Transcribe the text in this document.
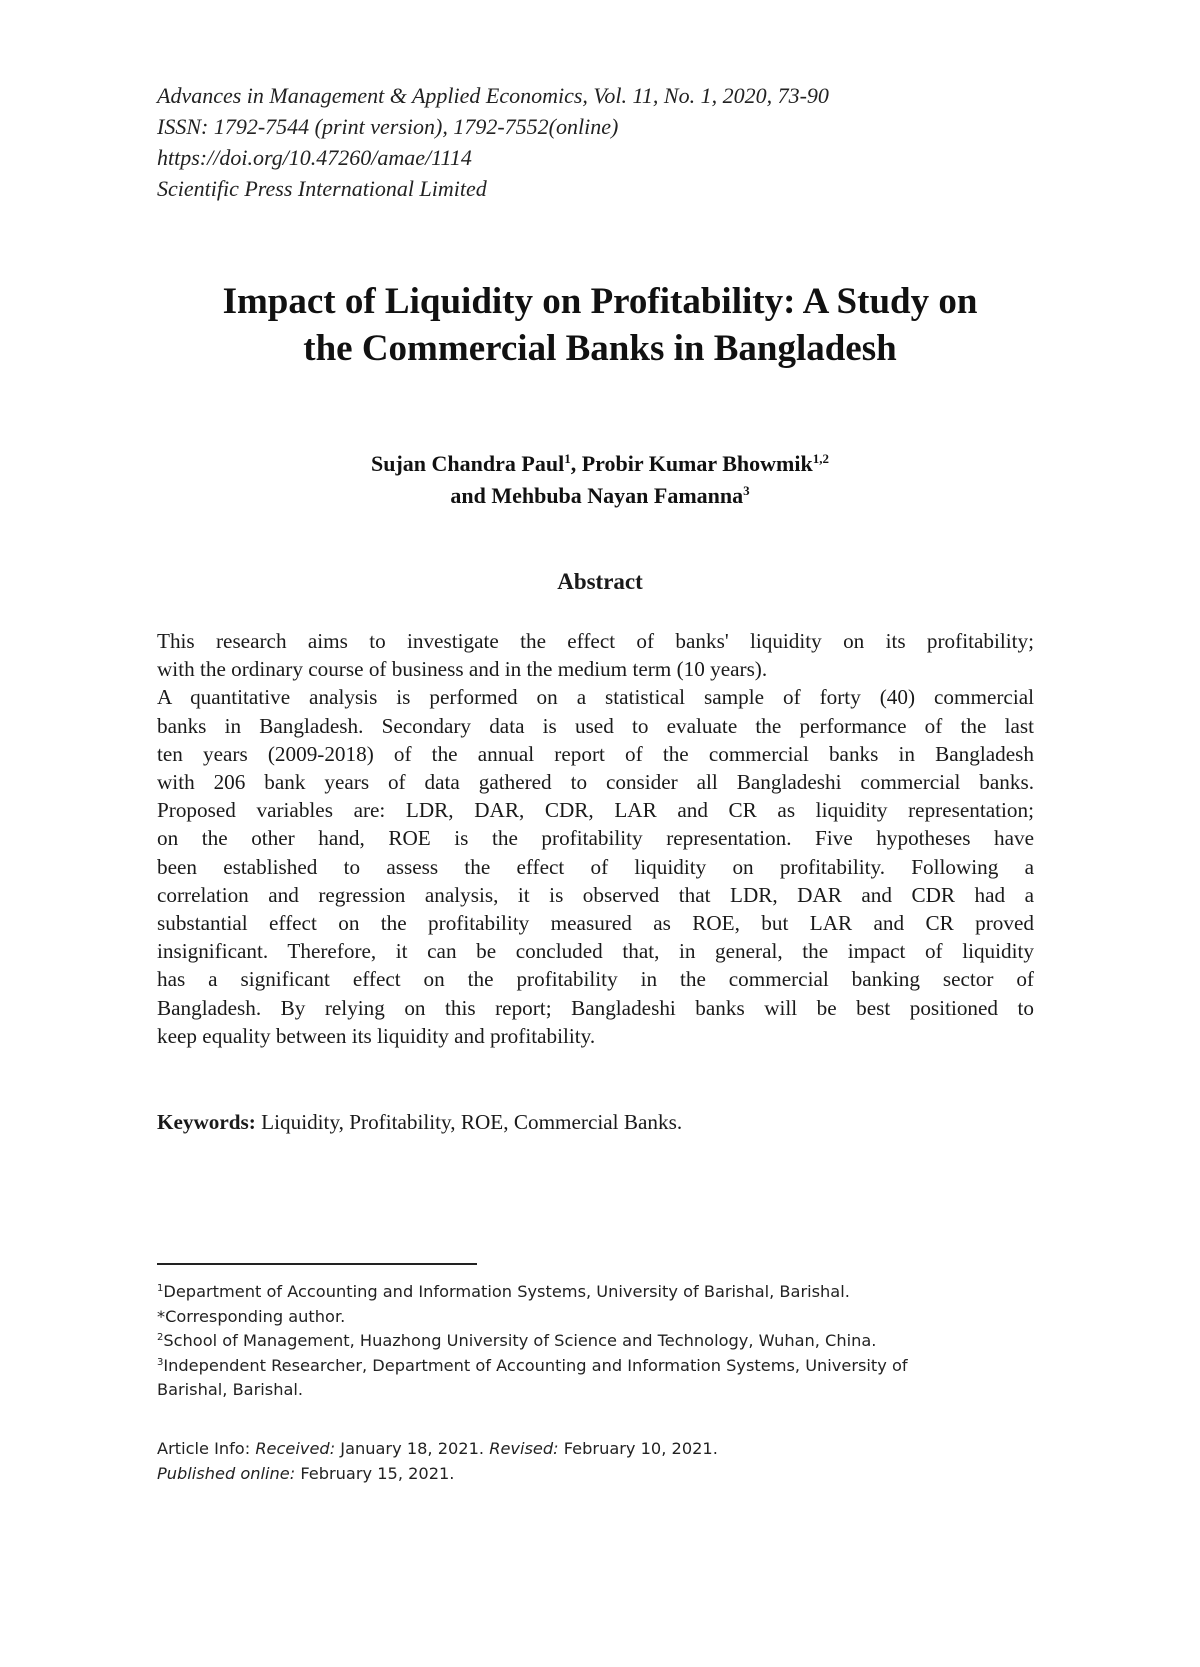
Advances in Management & Applied Economics, Vol. 11, No. 1, 2020, 73-90
ISSN: 1792-7544 (print version), 1792-7552(online)
https://doi.org/10.47260/amae/1114
Scientific Press International Limited
Impact of Liquidity on Profitability: A Study on
the Commercial Banks in Bangladesh
Sujan Chandra Paul$^1$, Probir Kumar Bhowmik$^{1,2}$
and Mehbuba Nayan Famanna$^3$
Abstract
This research aims to investigate the effect of banks' liquidity on its profitability;
with the ordinary course of business and in the medium term (10 years).
A quantitative analysis is performed on a statistical sample of forty (40) commercial
banks in Bangladesh. Secondary data is used to evaluate the performance of the last
ten years (2009-2018) of the annual report of the commercial banks in Bangladesh
with 206 bank years of data gathered to consider all Bangladeshi commercial banks.
Proposed variables are: LDR, DAR, CDR, LAR and CR as liquidity representation;
on the other hand, ROE is the profitability representation. Five hypotheses have
been established to assess the effect of liquidity on profitability. Following a
correlation and regression analysis, it is observed that LDR, DAR and CDR had a
substantial effect on the profitability measured as ROE, but LAR and CR proved
insignificant. Therefore, it can be concluded that, in general, the impact of liquidity
has a significant effect on the profitability in the commercial banking sector of
Bangladesh. By relying on this report; Bangladeshi banks will be best positioned to
keep equality between its liquidity and profitability.
Keywords: Liquidity, Profitability, ROE, Commercial Banks.
$^1$Department of Accounting and Information Systems, University of Barishal, Barishal.
*Corresponding author.
$^2$School of Management, Huazhong University of Science and Technology, Wuhan, China.
$^3$Independent Researcher, Department of Accounting and Information Systems, University of
Barishal, Barishal.
Article Info: Received: January 18, 2021. Revised: February 10, 2021.
Published online: February 15, 2021.
